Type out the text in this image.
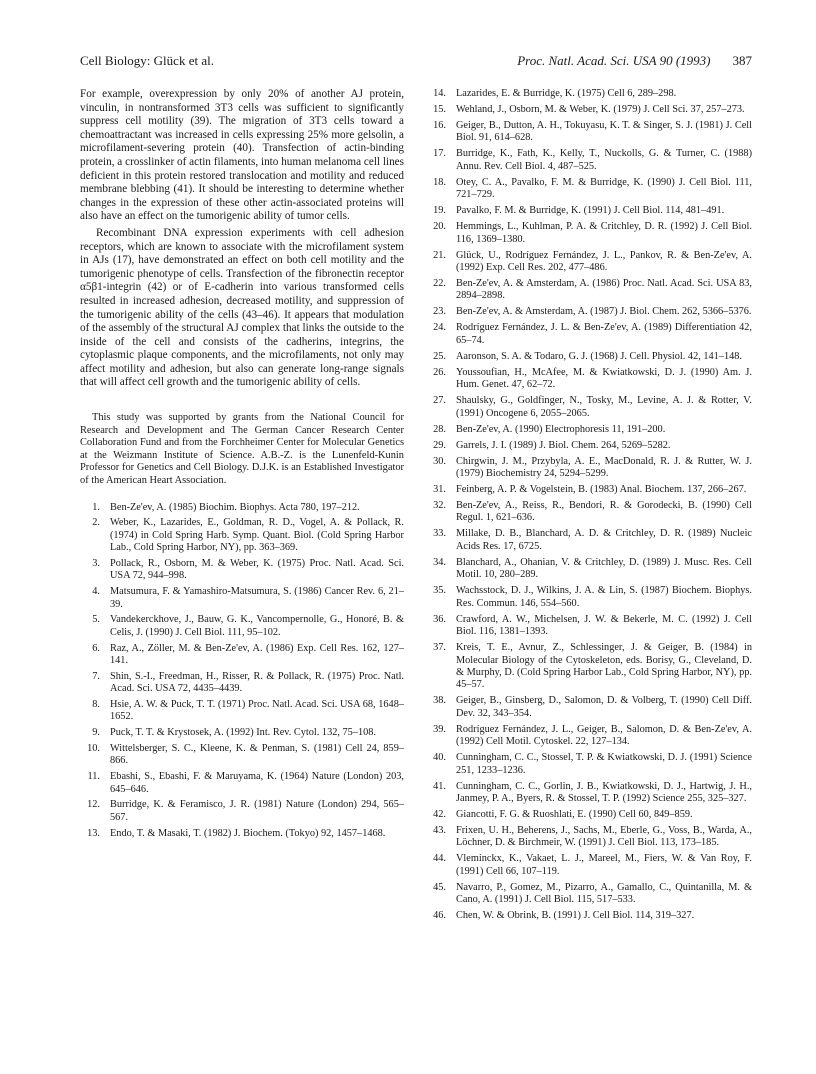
Cell Biology: Glück et al.	Proc. Natl. Acad. Sci. USA 90 (1993) 387

For example, overexpression by only 20% of another AJ protein, vinculin, in nontransformed 3T3 cells was sufficient to significantly suppress cell motility (39). The migration of 3T3 cells toward a chemoattractant was increased in cells expressing 25% more gelsolin, a microfilament-severing protein (40). Transfection of actin-binding protein, a crosslinker of actin filaments, into human melanoma cell lines deficient in this protein restored translocation and motility and reduced membrane blebbing (41). It should be interesting to determine whether changes in the expression of these other actin-associated proteins will also have an effect on the tumorigenic ability of tumor cells.

Recombinant DNA expression experiments with cell adhesion receptors, which are known to associate with the microfilament system in AJs (17), have demonstrated an effect on both cell motility and the tumorigenic phenotype of cells. Transfection of the fibronectin receptor α5β1-integrin (42) or of E-cadherin into various transformed cells resulted in increased adhesion, decreased motility, and suppression of the tumorigenic ability of the cells (43–46). It appears that modulation of the assembly of the structural AJ complex that links the outside to the inside of the cell and consists of the cadherins, integrins, the cytoplasmic plaque components, and the microfilaments, not only may affect motility and adhesion, but also can generate long-range signals that will affect cell growth and the tumorigenic ability of cells.

This study was supported by grants from the National Council for Research and Development and The German Cancer Research Center Collaboration Fund and from the Forchheimer Center for Molecular Genetics at the Weizmann Institute of Science. A.B.-Z. is the Lunenfeld-Kunin Professor for Genetics and Cell Biology. D.J.K. is an Established Investigator of the American Heart Association.

1. Ben-Ze'ev, A. (1985) Biochim. Biophys. Acta 780, 197–212.
2. Weber, K., Lazarides, E., Goldman, R. D., Vogel, A. & Pollack, R. (1974) in Cold Spring Harb. Symp. Quant. Biol. (Cold Spring Harbor Lab., Cold Spring Harbor, NY), pp. 363–369.
3. Pollack, R., Osborn, M. & Weber, K. (1975) Proc. Natl. Acad. Sci. USA 72, 944–998.
4. Matsumura, F. & Yamashiro-Matsumura, S. (1986) Cancer Rev. 6, 21–39.
5. Vandekerckhove, J., Bauw, G. K., Vancompernolle, G., Honoré, B. & Celis, J. (1990) J. Cell Biol. 111, 95–102.
6. Raz, A., Zöller, M. & Ben-Ze'ev, A. (1986) Exp. Cell Res. 162, 127–141.
7. Shin, S.-I., Freedman, H., Risser, R. & Pollack, R. (1975) Proc. Natl. Acad. Sci. USA 72, 4435–4439.
8. Hsie, A. W. & Puck, T. T. (1971) Proc. Natl. Acad. Sci. USA 68, 1648–1652.
9. Puck, T. T. & Krystosek, A. (1992) Int. Rev. Cytol. 132, 75–108.
10. Wittelsberger, S. C., Kleene, K. & Penman, S. (1981) Cell 24, 859–866.
11. Ebashi, S., Ebashi, F. & Maruyama, K. (1964) Nature (London) 203, 645–646.
12. Burridge, K. & Feramisco, J. R. (1981) Nature (London) 294, 565–567.
13. Endo, T. & Masaki, T. (1982) J. Biochem. (Tokyo) 92, 1457–1468.
14. Lazarides, E. & Burridge, K. (1975) Cell 6, 289–298.
15. Wehland, J., Osborn, M. & Weber, K. (1979) J. Cell Sci. 37, 257–273.
16. Geiger, B., Dutton, A. H., Tokuyasu, K. T. & Singer, S. J. (1981) J. Cell Biol. 91, 614–628.
17. Burridge, K., Fath, K., Kelly, T., Nuckolls, G. & Turner, C. (1988) Annu. Rev. Cell Biol. 4, 487–525.
18. Otey, C. A., Pavalko, F. M. & Burridge, K. (1990) J. Cell Biol. 111, 721–729.
19. Pavalko, F. M. & Burridge, K. (1991) J. Cell Biol. 114, 481–491.
20. Hemmings, L., Kuhlman, P. A. & Critchley, D. R. (1992) J. Cell Biol. 116, 1369–1380.
21. Glück, U., Rodríguez Fernández, J. L., Pankov, R. & Ben-Ze'ev, A. (1992) Exp. Cell Res. 202, 477–486.
22. Ben-Ze'ev, A. & Amsterdam, A. (1986) Proc. Natl. Acad. Sci. USA 83, 2894–2898.
23. Ben-Ze'ev, A. & Amsterdam, A. (1987) J. Biol. Chem. 262, 5366–5376.
24. Rodríguez Fernández, J. L. & Ben-Ze'ev, A. (1989) Differentiation 42, 65–74.
25. Aaronson, S. A. & Todaro, G. J. (1968) J. Cell. Physiol. 42, 141–148.
26. Youssoufian, H., McAfee, M. & Kwiatkowski, D. J. (1990) Am. J. Hum. Genet. 47, 62–72.
27. Shaulsky, G., Goldfinger, N., Tosky, M., Levine, A. J. & Rotter, V. (1991) Oncogene 6, 2055–2065.
28. Ben-Ze'ev, A. (1990) Electrophoresis 11, 191–200.
29. Garrels, J. I. (1989) J. Biol. Chem. 264, 5269–5282.
30. Chirgwin, J. M., Przybyla, A. E., MacDonald, R. J. & Rutter, W. J. (1979) Biochemistry 24, 5294–5299.
31. Feinberg, A. P. & Vogelstein, B. (1983) Anal. Biochem. 137, 266–267.
32. Ben-Ze'ev, A., Reiss, R., Bendori, R. & Gorodecki, B. (1990) Cell Regul. 1, 621–636.
33. Millake, D. B., Blanchard, A. D. & Critchley, D. R. (1989) Nucleic Acids Res. 17, 6725.
34. Blanchard, A., Ohanian, V. & Critchley, D. (1989) J. Musc. Res. Cell Motil. 10, 280–289.
35. Wachsstock, D. J., Wilkins, J. A. & Lin, S. (1987) Biochem. Biophys. Res. Commun. 146, 554–560.
36. Crawford, A. W., Michelsen, J. W. & Bekerle, M. C. (1992) J. Cell Biol. 116, 1381–1393.
37. Kreis, T. E., Avnur, Z., Schlessinger, J. & Geiger, B. (1984) in Molecular Biology of the Cytoskeleton, eds. Borisy, G., Cleveland, D. & Murphy, D. (Cold Spring Harbor Lab., Cold Spring Harbor, NY), pp. 45–57.
38. Geiger, B., Ginsberg, D., Salomon, D. & Volberg, T. (1990) Cell Diff. Dev. 32, 343–354.
39. Rodríguez Fernández, J. L., Geiger, B., Salomon, D. & Ben-Ze'ev, A. (1992) Cell Motil. Cytoskel. 22, 127–134.
40. Cunningham, C. C., Stossel, T. P. & Kwiatkowski, D. J. (1991) Science 251, 1233–1236.
41. Cunningham, C. C., Gorlin, J. B., Kwiatkowski, D. J., Hartwig, J. H., Janmey, P. A., Byers, R. & Stossel, T. P. (1992) Science 255, 325–327.
42. Giancotti, F. G. & Ruoshlati, E. (1990) Cell 60, 849–859.
43. Frixen, U. H., Beherens, J., Sachs, M., Eberle, G., Voss, B., Warda, A., Löchner, D. & Birchmeir, W. (1991) J. Cell Biol. 113, 173–185.
44. Vleminckx, K., Vakaet, L. J., Mareel, M., Fiers, W. & Van Roy, F. (1991) Cell 66, 107–119.
45. Navarro, P., Gomez, M., Pizarro, A., Gamallo, C., Quintanilla, M. & Cano, A. (1991) J. Cell Biol. 115, 517–533.
46. Chen, W. & Obrink, B. (1991) J. Cell Biol. 114, 319–327.
